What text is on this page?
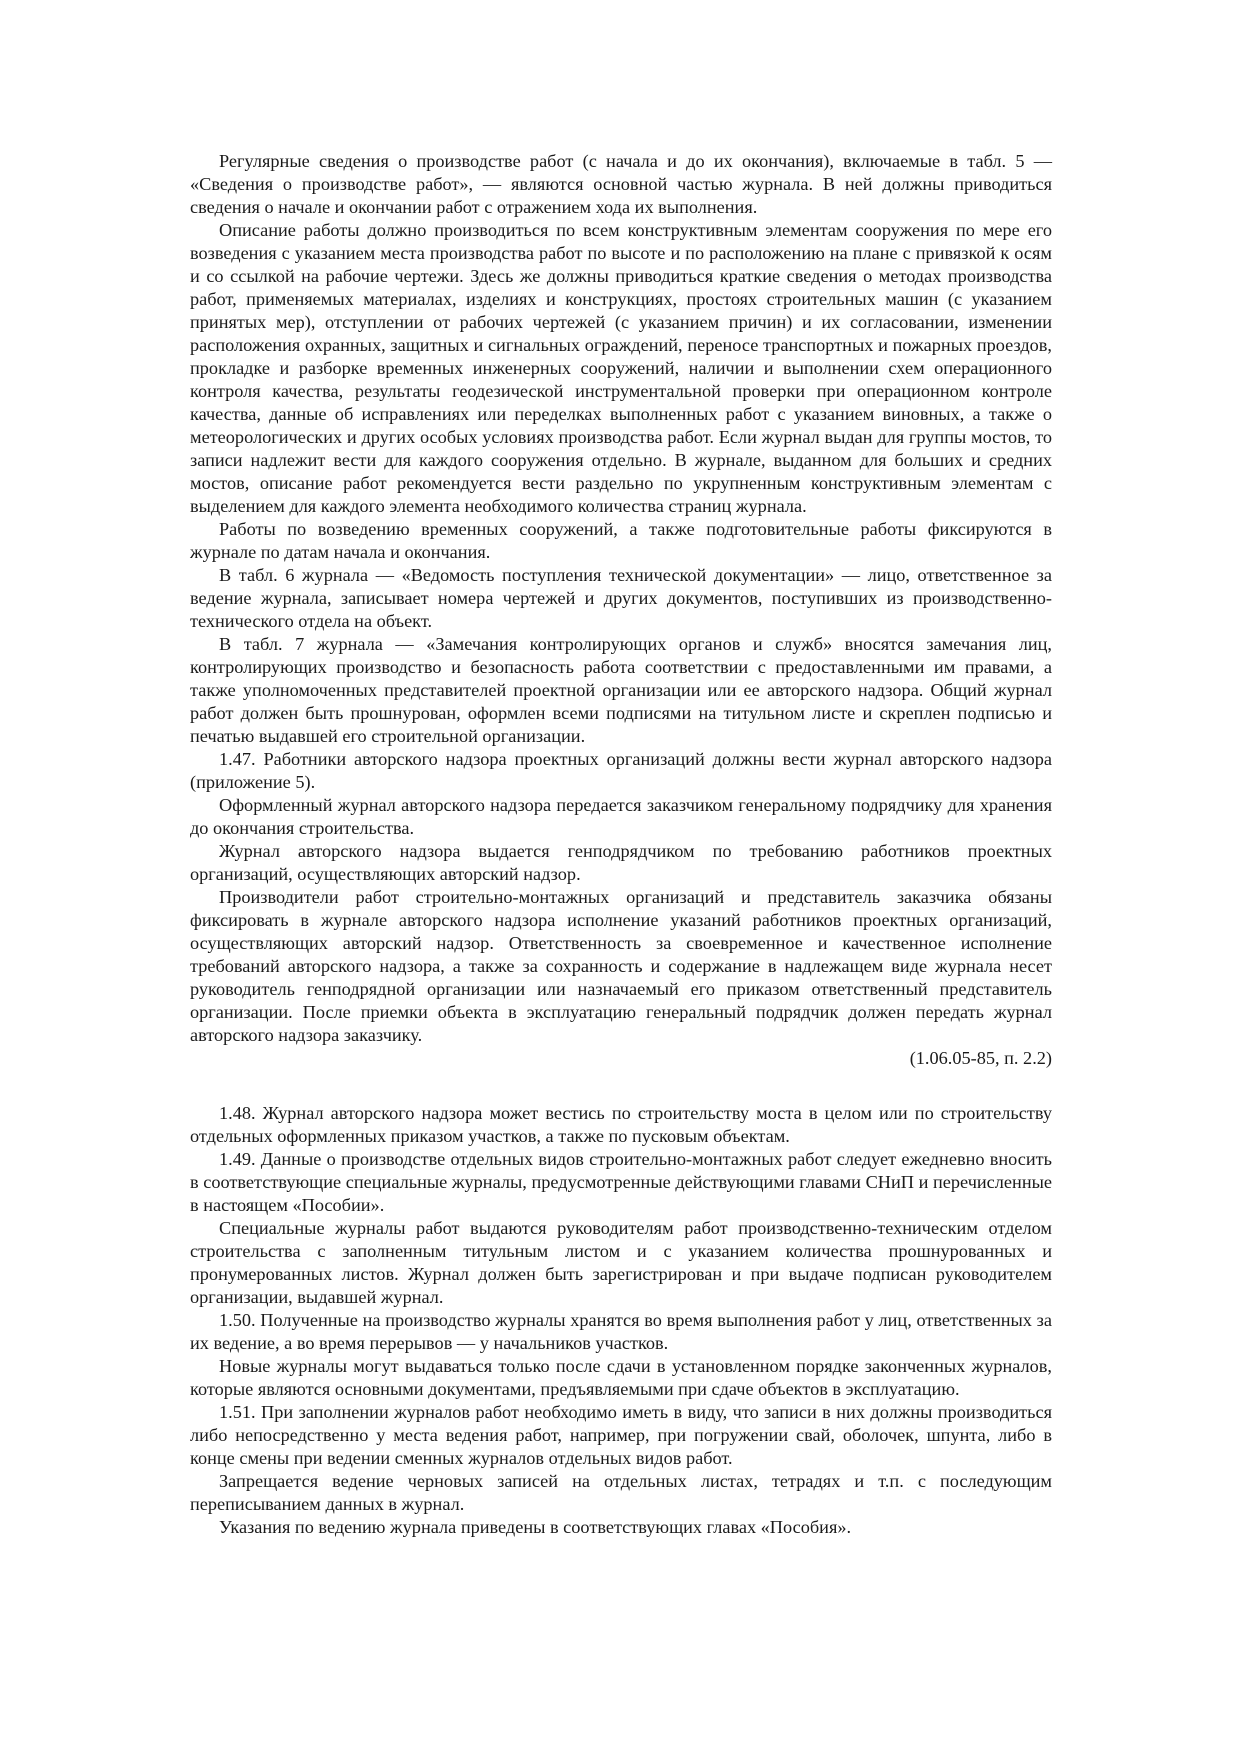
Регулярные сведения о производстве работ (с начала и до их окончания), включаемые в табл. 5 — «Сведения о производстве работ», — являются основной частью журнала. В ней должны приводиться сведения о начале и окончании работ с отражением хода их выполнения.

Описание работы должно производиться по всем конструктивным элементам сооружения по мере его возведения с указанием места производства работ по высоте и по расположению на плане с привязкой к осям и со ссылкой на рабочие чертежи. Здесь же должны приводиться краткие сведения о методах производства работ, применяемых материалах, изделиях и конструкциях, простоях строительных машин (с указанием принятых мер), отступлении от рабочих чертежей (с указанием причин) и их согласовании, изменении расположения охранных, защитных и сигнальных ограждений, переносе транспортных и пожарных проездов, прокладке и разборке временных инженерных сооружений, наличии и выполнении схем операционного контроля качества, результаты геодезической инструментальной проверки при операционном контроле качества, данные об исправлениях или переделках выполненных работ с указанием виновных, а также о метеорологических и других особых условиях производства работ. Если журнал выдан для группы мостов, то записи надлежит вести для каждого сооружения отдельно. В журнале, выданном для больших и средних мостов, описание работ рекомендуется вести раздельно по укрупненным конструктивным элементам с выделением для каждого элемента необходимого количества страниц журнала.

Работы по возведению временных сооружений, а также подготовительные работы фиксируются в журнале по датам начала и окончания.

В табл. 6 журнала — «Ведомость поступления технической документации» — лицо, ответственное за ведение журнала, записывает номера чертежей и других документов, поступивших из производственно-технического отдела на объект.

В табл. 7 журнала — «Замечания контролирующих органов и служб» вносятся замечания лиц, контролирующих производство и безопасность работа соответствии с предоставленными им правами, а также уполномоченных представителей проектной организации или ее авторского надзора. Общий журнал работ должен быть прошнурован, оформлен всеми подписями на титульном листе и скреплен подписью и печатью выдавшей его строительной организации.

1.47. Работники авторского надзора проектных организаций должны вести журнал авторского надзора (приложение 5).

Оформленный журнал авторского надзора передается заказчиком генеральному подрядчику для хранения до окончания строительства.

Журнал авторского надзора выдается генподрядчиком по требованию работников проектных организаций, осуществляющих авторский надзор.

Производители работ строительно-монтажных организаций и представитель заказчика обязаны фиксировать в журнале авторского надзора исполнение указаний работников проектных организаций, осуществляющих авторский надзор. Ответственность за своевременное и качественное исполнение требований авторского надзора, а также за сохранность и содержание в надлежащем виде журнала несет руководитель генподрядной организации или назначаемый его приказом ответственный представитель организации. После приемки объекта в эксплуатацию генеральный подрядчик должен передать журнал авторского надзора заказчику.

(1.06.05-85, п. 2.2)

1.48. Журнал авторского надзора может вестись по строительству моста в целом или по строительству отдельных оформленных приказом участков, а также по пусковым объектам.

1.49. Данные о производстве отдельных видов строительно-монтажных работ следует ежедневно вносить в соответствующие специальные журналы, предусмотренные действующими главами СНиП и перечисленные в настоящем «Пособии».

Специальные журналы работ выдаются руководителям работ производственно-техническим отделом строительства с заполненным титульным листом и с указанием количества прошнурованных и пронумерованных листов. Журнал должен быть зарегистрирован и при выдаче подписан руководителем организации, выдавшей журнал.

1.50. Полученные на производство журналы хранятся во время выполнения работ у лиц, ответственных за их ведение, а во время перерывов — у начальников участков.

Новые журналы могут выдаваться только после сдачи в установленном порядке законченных журналов, которые являются основными документами, предъявляемыми при сдаче объектов в эксплуатацию.

1.51. При заполнении журналов работ необходимо иметь в виду, что записи в них должны производиться либо непосредственно у места ведения работ, например, при погружении свай, оболочек, шпунта, либо в конце смены при ведении сменных журналов отдельных видов работ.

Запрещается ведение черновых записей на отдельных листах, тетрадях и т.п. с последующим переписыванием данных в журнал.

Указания по ведению журнала приведены в соответствующих главах «Пособия».
